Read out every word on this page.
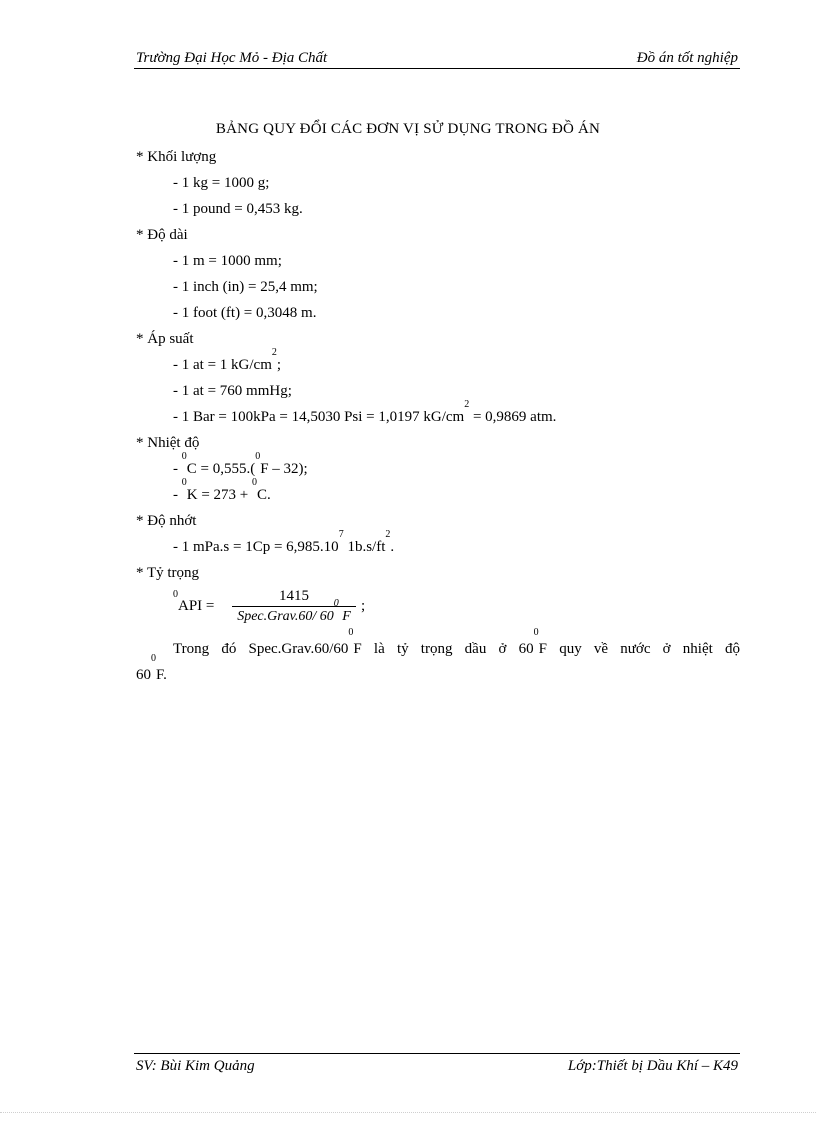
Trường Đại Học Mỏ - Địa Chất	Đồ án tốt nghiệp
BẢNG QUY ĐỔI CÁC ĐƠN VỊ SỬ DỤNG TRONG ĐỒ ÁN
* Khối lượng
- 1 kg = 1000 g;
- 1 pound = 0,453 kg.
* Độ dài
- 1 m = 1000 mm;
- 1 inch (in) = 25,4 mm;
- 1 foot (ft) = 0,3048 m.
* Áp suất
- 1 at = 1 $kG/cm^2$;
- 1 at = 760 mmHg;
- 1 Bar = 100kPa = 14,5030 Psi = 1,0197 $kG/cm^2 = 0,9869$ atm.
* Nhiệt độ
- $^0$C = 0,555.($^0$F – 32);
- $^0$K = 273 + $^0$C.
* Độ nhớt
- 1 $mPa.s = 1Cp = 6,985.10^7$ $1b.s/ft^2$.
* Tỷ trọng
$^0$API =
1415
Spec.Grav.60/ $60^0$ F
;
Trong đó $Spec.Grav.60/60^0F$ là tỷ trọng dầu ở $60^0F$ quy về nước ở nhiệt độ
$60^0F$.
SV: Bùi Kim Quảng	Lớp:Thiết bị Dầu Khí – K49
